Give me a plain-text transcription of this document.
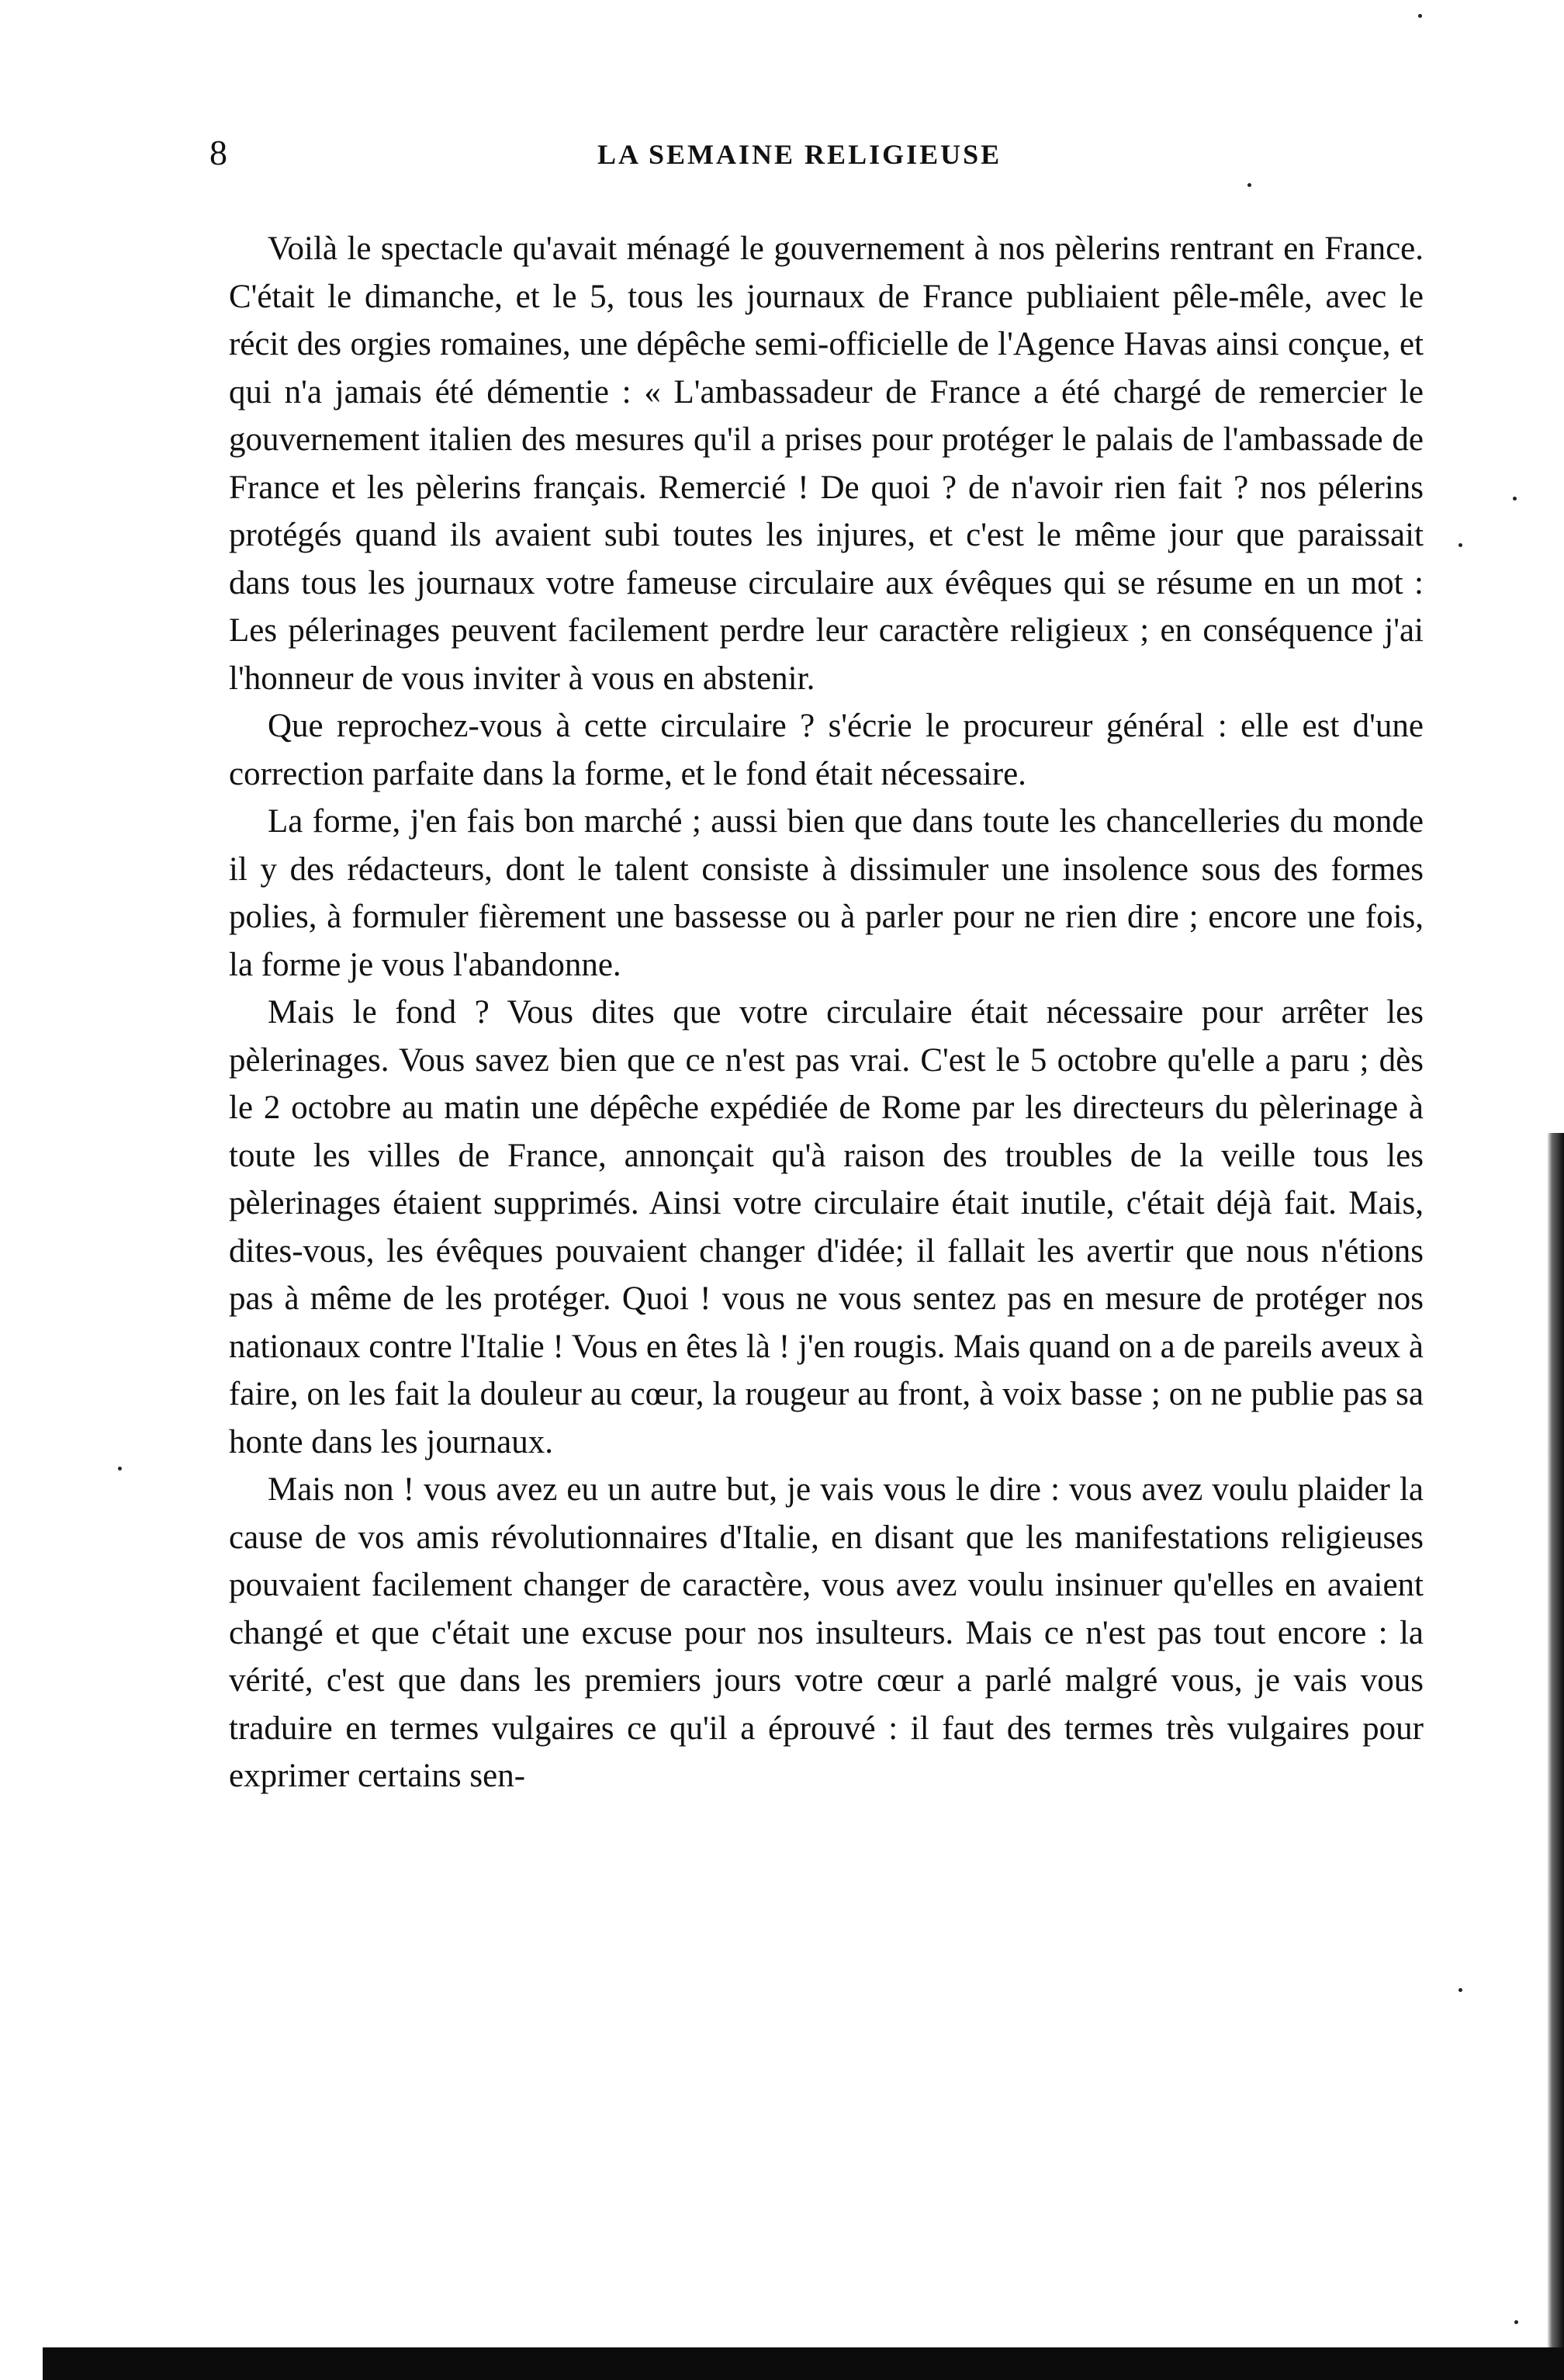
8	LA SEMAINE RELIGIEUSE

Voilà le spectacle qu'avait ménagé le gouvernement à nos pèlerins rentrant en France. C'était le dimanche, et le 5, tous les journaux de France publiaient pêle-mêle, avec le récit des orgies romaines, une dépêche semi-officielle de l'Agence Havas ainsi conçue, et qui n'a jamais été démentie : « L'ambassadeur de France a été chargé de remercier le gouvernement italien des mesures qu'il a prises pour protéger le palais de l'ambassade de France et les pèlerins français. Remercié ! De quoi ? de n'avoir rien fait ? nos pélerins protégés quand ils avaient subi toutes les injures, et c'est le même jour que paraissait dans tous les journaux votre fameuse circulaire aux évêques qui se résume en un mot : Les pélerinages peuvent facilement perdre leur caractère religieux ; en conséquence j'ai l'honneur de vous inviter à vous en abstenir.

Que reprochez-vous à cette circulaire ? s'écrie le procureur général : elle est d'une correction parfaite dans la forme, et le fond était nécessaire.

La forme, j'en fais bon marché ; aussi bien que dans toute les chancelleries du monde il y des rédacteurs, dont le talent consiste à dissimuler une insolence sous des formes polies, à formuler fièrement une bassesse ou à parler pour ne rien dire ; encore une fois, la forme je vous l'abandonne.

Mais le fond ? Vous dites que votre circulaire était nécessaire pour arrêter les pèlerinages. Vous savez bien que ce n'est pas vrai. C'est le 5 octobre qu'elle a paru ; dès le 2 octobre au matin une dépêche expédiée de Rome par les directeurs du pèlerinage à toute les villes de France, annonçait qu'à raison des troubles de la veille tous les pèlerinages étaient supprimés. Ainsi votre circulaire était inutile, c'était déjà fait. Mais, dites-vous, les évêques pouvaient changer d'idée; il fallait les avertir que nous n'étions pas à même de les protéger. Quoi ! vous ne vous sentez pas en mesure de protéger nos nationaux contre l'Italie ! Vous en êtes là ! j'en rougis. Mais quand on a de pareils aveux à faire, on les fait la douleur au cœur, la rougeur au front, à voix basse ; on ne publie pas sa honte dans les journaux.

Mais non ! vous avez eu un autre but, je vais vous le dire : vous avez voulu plaider la cause de vos amis révolutionnaires d'Italie, en disant que les manifestations religieuses pouvaient facilement changer de caractère, vous avez voulu insinuer qu'elles en avaient changé et que c'était une excuse pour nos insulteurs. Mais ce n'est pas tout encore : la vérité, c'est que dans les premiers jours votre cœur a parlé malgré vous, je vais vous traduire en termes vulgaires ce qu'il a éprouvé : il faut des termes très vulgaires pour exprimer certains sen-
